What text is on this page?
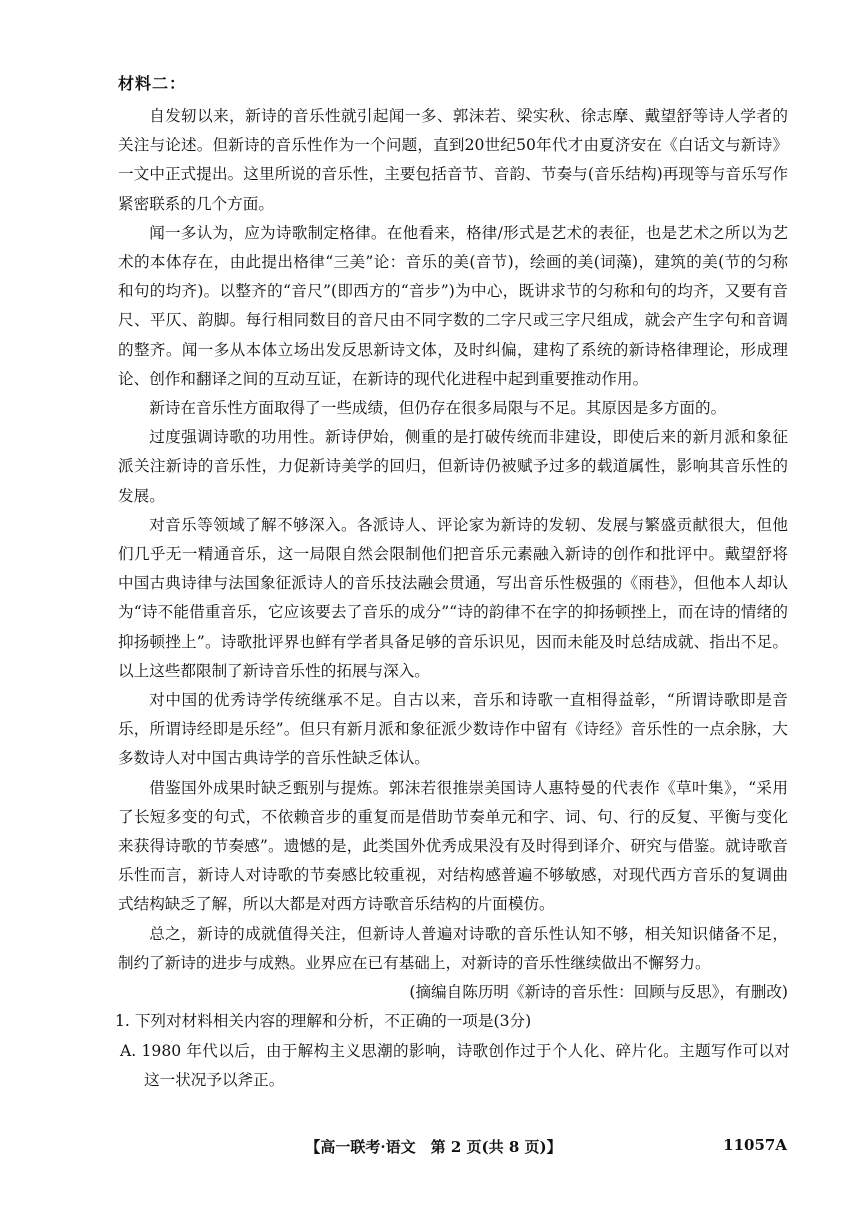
材料二：

自发轫以来，新诗的音乐性就引起闻一多、郭沫若、梁实秋、徐志摩、戴望舒等诗人学者的关注与论述。但新诗的音乐性作为一个问题，直到20世纪50年代才由夏济安在《白话文与新诗》一文中正式提出。这里所说的音乐性，主要包括音节、音韵、节奏与(音乐结构)再现等与音乐写作紧密联系的几个方面。

闻一多认为，应为诗歌制定格律。在他看来，格律/形式是艺术的表征，也是艺术之所以为艺术的本体存在，由此提出格律“三美”论：音乐的美(音节)，绘画的美(词藻)，建筑的美(节的匀称和句的均齐)。以整齐的“音尺”(即西方的“音步”)为中心，既讲求节的匀称和句的均齐，又要有音尺、平仄、韵脚。每行相同数目的音尺由不同字数的二字尺或三字尺组成，就会产生字句和音调的整齐。闻一多从本体立场出发反思新诗文体，及时纠偏，建构了系统的新诗格律理论，形成理论、创作和翻译之间的互动互证，在新诗的现代化进程中起到重要推动作用。

新诗在音乐性方面取得了一些成绩，但仍存在很多局限与不足。其原因是多方面的。

过度强调诗歌的功用性。新诗伊始，侧重的是打破传统而非建设，即使后来的新月派和象征派关注新诗的音乐性，力促新诗美学的回归，但新诗仍被赋予过多的载道属性，影响其音乐性的发展。

对音乐等领域了解不够深入。各派诗人、评论家为新诗的发轫、发展与繁盛贡献很大，但他们几乎无一精通音乐，这一局限自然会限制他们把音乐元素融入新诗的创作和批评中。戴望舒将中国古典诗律与法国象征派诗人的音乐技法融会贯通，写出音乐性极强的《雨巷》，但他本人却认为“诗不能借重音乐，它应该要去了音乐的成分”“诗的韵律不在字的抑扬顿挫上，而在诗的情绪的抑扬顿挫上”。诗歌批评界也鲜有学者具备足够的音乐识见，因而未能及时总结成就、指出不足。以上这些都限制了新诗音乐性的拓展与深入。

对中国的优秀诗学传统继承不足。自古以来，音乐和诗歌一直相得益彰，“所谓诗歌即是音乐，所谓诗经即是乐经”。但只有新月派和象征派少数诗作中留有《诗经》音乐性的一点余脉，大多数诗人对中国古典诗学的音乐性缺乏体认。

借鉴国外成果时缺乏甄别与提炼。郭沫若很推崇美国诗人惠特曼的代表作《草叶集》，“采用了长短多变的句式，不依赖音步的重复而是借助节奏单元和字、词、句、行的反复、平衡与变化来获得诗歌的节奏感”。遗憾的是，此类国外优秀成果没有及时得到译介、研究与借鉴。就诗歌音乐性而言，新诗人对诗歌的节奏感比较重视，对结构感普遍不够敏感，对现代西方音乐的复调曲式结构缺乏了解，所以大都是对西方诗歌音乐结构的片面模仿。

总之，新诗的成就值得关注，但新诗人普遍对诗歌的音乐性认知不够，相关知识储备不足，制约了新诗的进步与成熟。业界应在已有基础上，对新诗的音乐性继续做出不懈努力。

(摘编自陈历明《新诗的音乐性：回顾与反思》，有删改)

1. 下列对材料相关内容的理解和分析，不正确的一项是(3分)

A. 1980 年代以后，由于解构主义思潮的影响，诗歌创作过于个人化、碎片化。主题写作可以对这一状况予以斧正。

【高一联考·语文　第 2 页(共 8 页)】	11057A
